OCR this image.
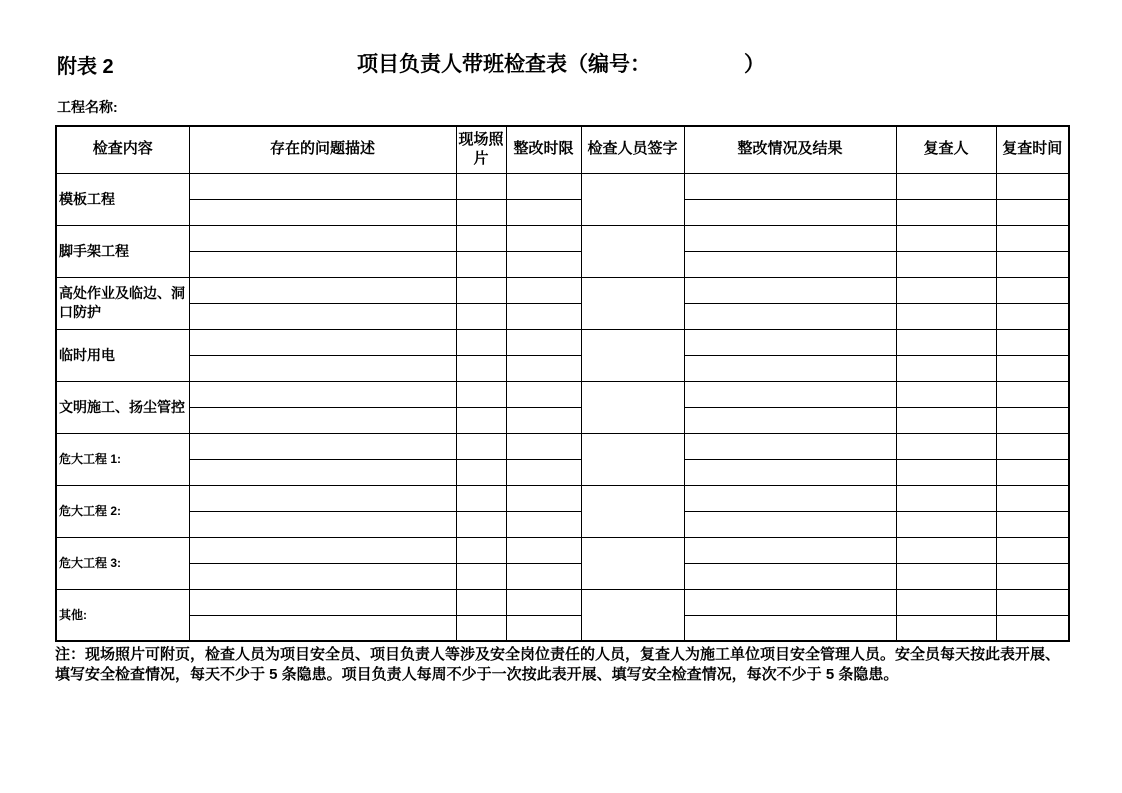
附表 2	项目负责人带班检查表（编号：	）
工程名称:
检查内容	存在的问题描述	现场照片	整改时限	检查人员签字	整改情况及结果	复查人	复查时间
模板工程							

脚手架工程							

高处作业及临边、洞口防护							

临时用电							

文明施工、扬尘管控							

危大工程 1:							

危大工程 2:							

危大工程 3:							

其他:							

注：现场照片可附页，检查人员为项目安全员、项目负责人等涉及安全岗位责任的人员，复查人为施工单位项目安全管理人员。安全员每天按此表开展、填写安全检查情况，每天不少于 5 条隐患。项目负责人每周不少于一次按此表开展、填写安全检查情况，每次不少于 5 条隐患。
